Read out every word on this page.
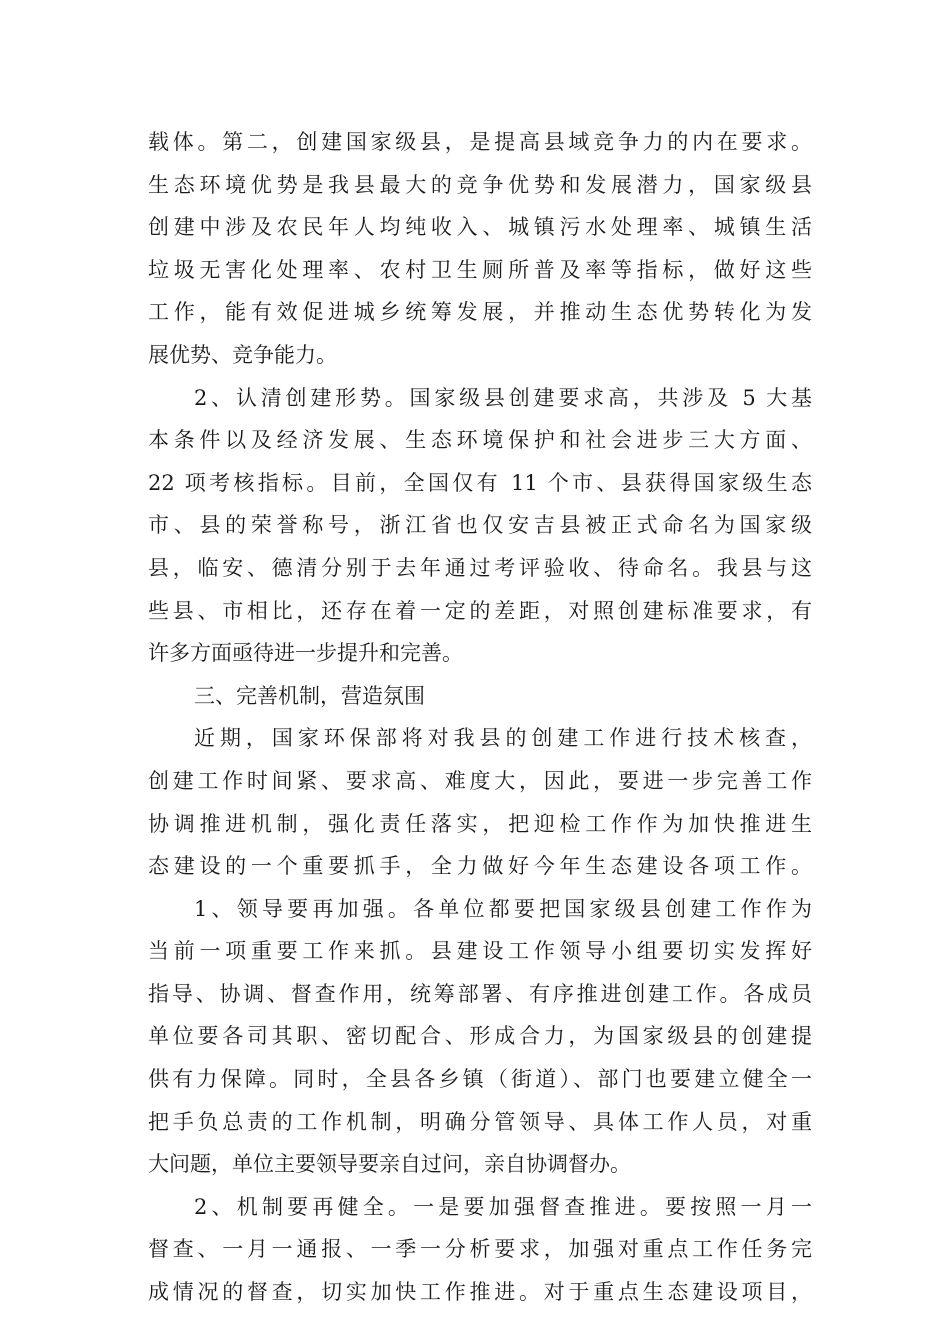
载体。第二，创建国家级县，是提高县域竞争力的内在要求。
生态环境优势是我县最大的竞争优势和发展潜力，国家级县
创建中涉及农民年人均纯收入、城镇污水处理率、城镇生活
垃圾无害化处理率、农村卫生厕所普及率等指标，做好这些
工作，能有效促进城乡统筹发展，并推动生态优势转化为发
展优势、竞争能力。
2、认清创建形势。国家级县创建要求高，共涉及 5 大基
本条件以及经济发展、生态环境保护和社会进步三大方面、
22 项考核指标。目前，全国仅有 11 个市、县获得国家级生态
市、县的荣誉称号，浙江省也仅安吉县被正式命名为国家级
县，临安、德清分别于去年通过考评验收、待命名。我县与这
些县、市相比，还存在着一定的差距，对照创建标准要求，有
许多方面亟待进一步提升和完善。
三、完善机制，营造氛围
近期，国家环保部将对我县的创建工作进行技术核查，
创建工作时间紧、要求高、难度大，因此，要进一步完善工作
协调推进机制，强化责任落实，把迎检工作作为加快推进生
态建设的一个重要抓手，全力做好今年生态建设各项工作。
1、领导要再加强。各单位都要把国家级县创建工作作为
当前一项重要工作来抓。县建设工作领导小组要切实发挥好
指导、协调、督查作用，统筹部署、有序推进创建工作。各成员
单位要各司其职、密切配合、形成合力，为国家级县的创建提
供有力保障。同时，全县各乡镇（街道）、部门也要建立健全一
把手负总责的工作机制，明确分管领导、具体工作人员，对重
大问题，单位主要领导要亲自过问，亲自协调督办。
2、机制要再健全。一是要加强督查推进。要按照一月一
督查、一月一通报、一季一分析要求，加强对重点工作任务完
成情况的督查，切实加快工作推进。对于重点生态建设项目，
